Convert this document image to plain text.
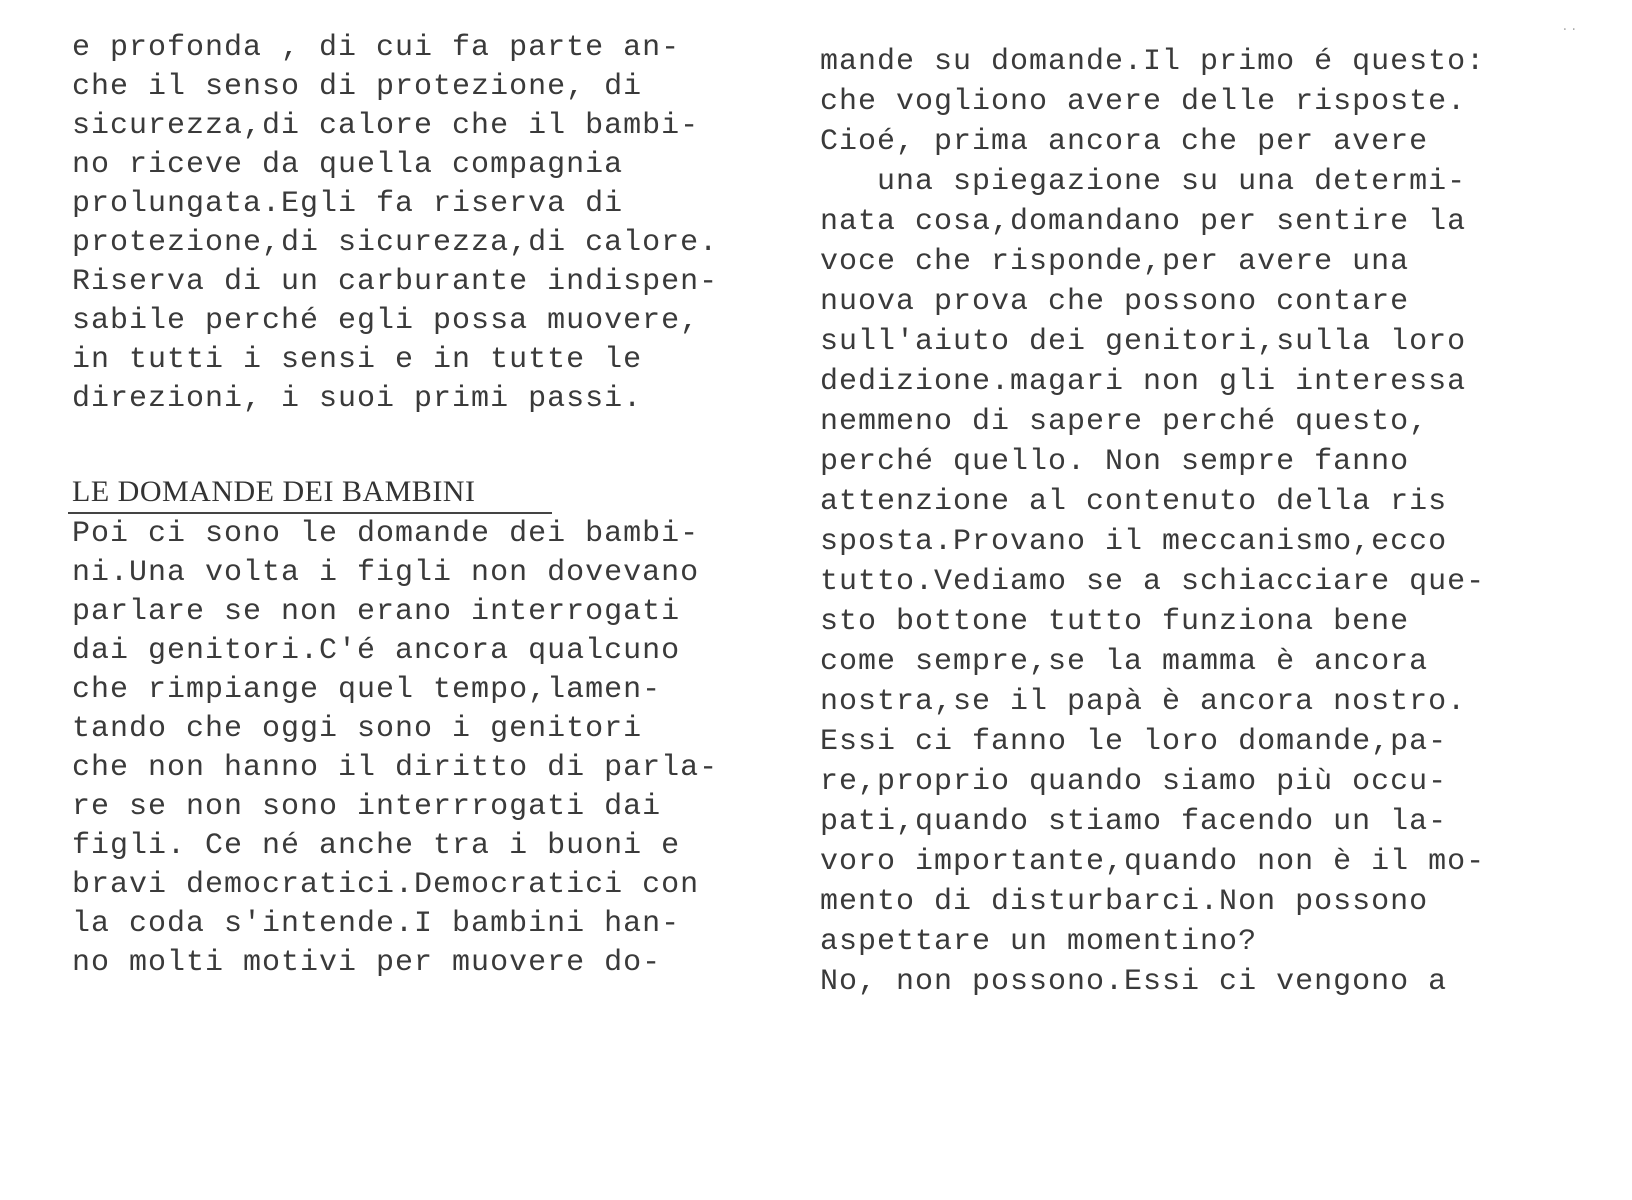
e profonda , di cui fa parte an-

che il senso di protezione, di

sicurezza,di calore che il bambi-

no riceve da quella compagnia

prolungata.Egli fa riserva di

protezione,di sicurezza,di calore.

Riserva di un carburante indispen-

sabile perché egli possa muovere,

in tutti i sensi e in tutte le

direzioni, i suoi primi passi.

LE DOMANDE DEI BAMBINI

Poi ci sono le domande dei bambi-

ni.Una volta i figli non dovevano

parlare se non erano interrogati

dai genitori.C'é ancora qualcuno

che rimpiange quel tempo,lamen-

tando che oggi sono i genitori

che non hanno il diritto di parla-

re se non sono interrrogati dai

figli. Ce né anche tra i buoni e

bravi democratici.Democratici con

la coda s'intende.I bambini han-

no molti motivi per muovere do-

mande su domande.Il primo é questo:

che vogliono avere delle risposte.

Cioé, prima ancora che per avere

una spiegazione su una determi-

nata cosa,domandano per sentire la

voce che risponde,per avere una

nuova prova che possono contare

sull'aiuto dei genitori,sulla loro

dedizione.magari non gli interessa

nemmeno di sapere perché questo,

perché quello. Non sempre fanno

attenzione al contenuto della ris

sposta.Provano il meccanismo,ecco

tutto.Vediamo se a schiacciare que-

sto bottone tutto funziona bene

come sempre,se la mamma è ancora

nostra,se il papà è ancora nostro.

Essi ci fanno le loro domande,pa-

re,proprio quando siamo più occu-

pati,quando stiamo facendo un la-

voro importante,quando non è il mo-

mento di disturbarci.Non possono

aspettare un momentino?

No, non possono.Essi ci vengono a

· ·
